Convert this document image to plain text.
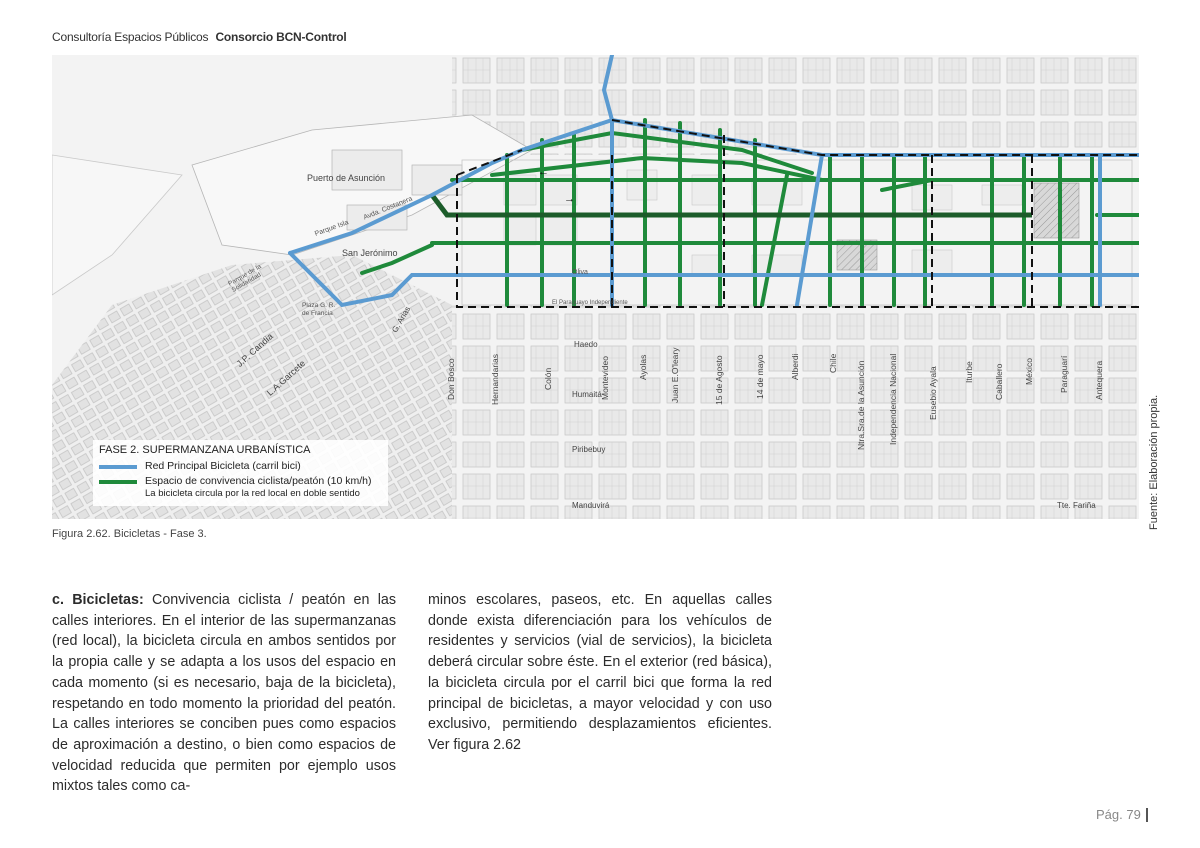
Consultoría Espacios Públicos Consorcio BCN-Control
←
→
Puerto de Asunción
San Jerónimo
Avda. Costanera
Parque Isla
Parque de la Solidaridad
Plaza G. R. de Francia
J.P. Candia
L.A.Garcete
G. Arias
Oliva
El Paraguayo Independiente
Haedo
Humaitá
Piribebuy
Manduvirá	Tte. Fariña
Don Bosco	Hernandarias	Colón	Montevideo	Ayolas	Juan E.O'leary	15 de Agosto	14 de mayo	Alberdi	Chile Ntra.Sra.de la Asunción	Independencia Nacional	Eusebio Ayala	Iturbe Caballero México	Paraguarí	Antequera
FASE 2. SUPERMANZANA URBANÍSTICA
Red Principal Bicicleta (carril bici)
Espacio de convivencia ciclista/peatón (10 km/h)
La bicicleta circula por la red local en doble sentido
Figura 2.62. Bicicletas - Fase 3.
Fuente: Elaboración propia.
c. Bicicletas: Convivencia ciclista / peatón en las calles interiores. En el interior de las supermanzanas (red local), la bicicleta circula en ambos sentidos por la propia calle y se adapta a los usos del espacio en cada momento (si es necesario, baja de la bicicleta), respetando en todo momento la prioridad del peatón. La calles interiores se conciben pues como espacios de aproximación a destino, o bien como espacios de velocidad reducida que permiten por ejemplo usos mixtos tales como ca-
minos escolares, paseos, etc. En aquellas calles donde exista diferenciación para los vehículos de residentes y servicios (vial de servicios), la bicicleta deberá circular sobre éste. En el exterior (red básica), la bicicleta circula por el carril bici que forma la red principal de bicicletas, a mayor velocidad y con uso exclusivo, permitiendo desplazamientos eficientes. Ver figura 2.62
Pág. 79
